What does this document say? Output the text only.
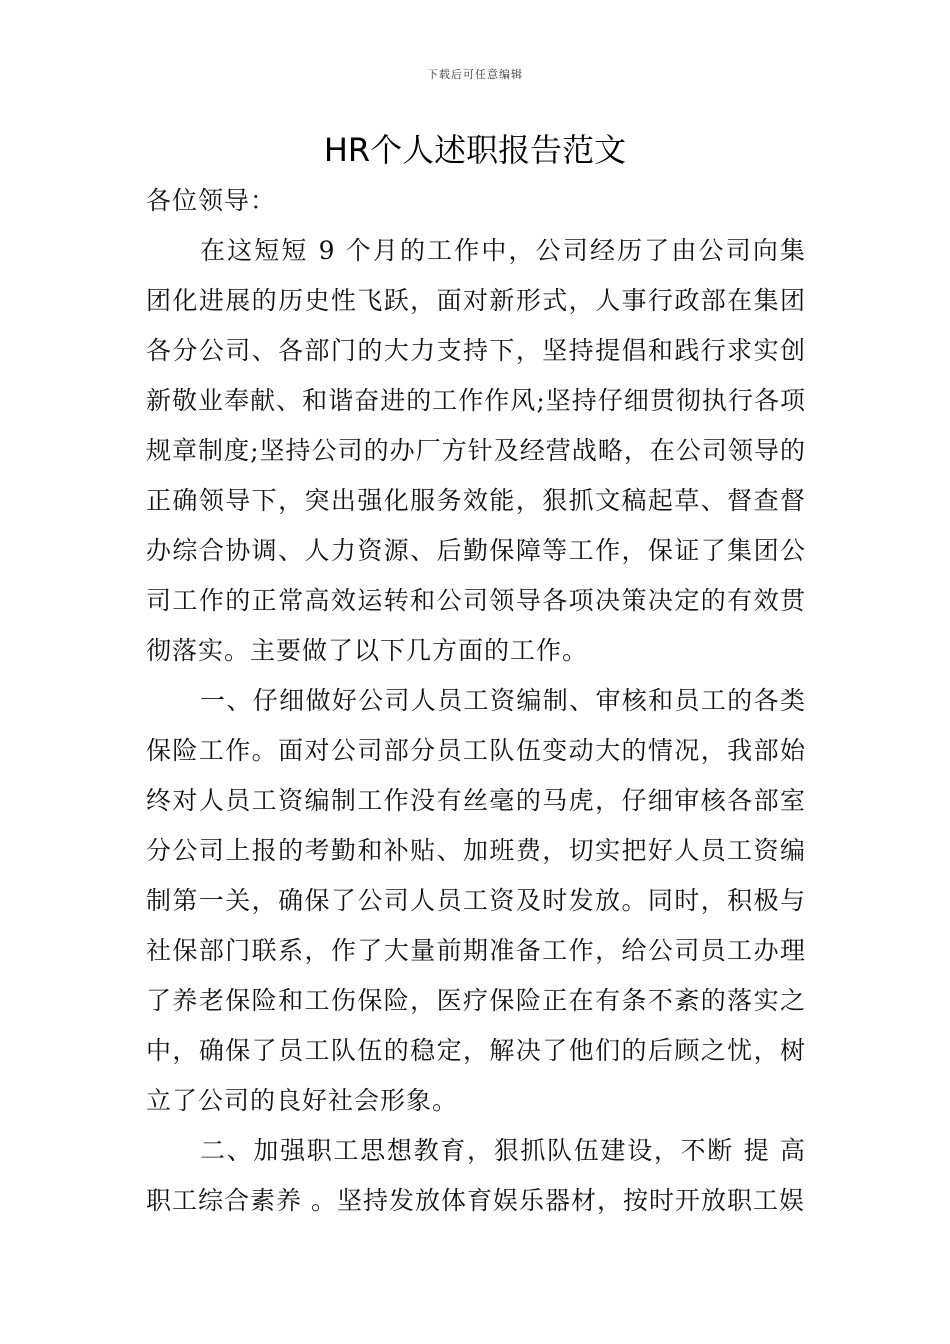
下载后可任意编辑
HR个人述职报告范文

各位领导：

在这短短 9 个月的工作中，公司经历了由公司向集团化进展的历史性飞跃，面对新形式，人事行政部在集团各分公司、各部门的大力支持下，坚持提倡和践行求实创新敬业奉献、和谐奋进的工作作风;坚持仔细贯彻执行各项规章制度;坚持公司的办厂方针及经营战略，在公司领导的正确领导下，突出强化服务效能，狠抓文稿起草、督查督办综合协调、人力资源、后勤保障等工作，保证了集团公司工作的正常高效运转和公司领导各项决策决定的有效贯彻落实。主要做了以下几方面的工作。

一、仔细做好公司人员工资编制、审核和员工的各类保险工作。面对公司部分员工队伍变动大的情况，我部始终对人员工资编制工作没有丝毫的马虎，仔细审核各部室分公司上报的考勤和补贴、加班费，切实把好人员工资编制第一关，确保了公司人员工资及时发放。同时，积极与社保部门联系，作了大量前期准备工作，给公司员工办理了养老保险和工伤保险，医疗保险正在有条不紊的落实之中，确保了员工队伍的稳定，解决了他们的后顾之忧，树立了公司的良好社会形象。

二、加强职工思想教育，狠抓队伍建设，不断 提 高职工综合素养 。坚持发放体育娱乐器材，按时开放职工娱
